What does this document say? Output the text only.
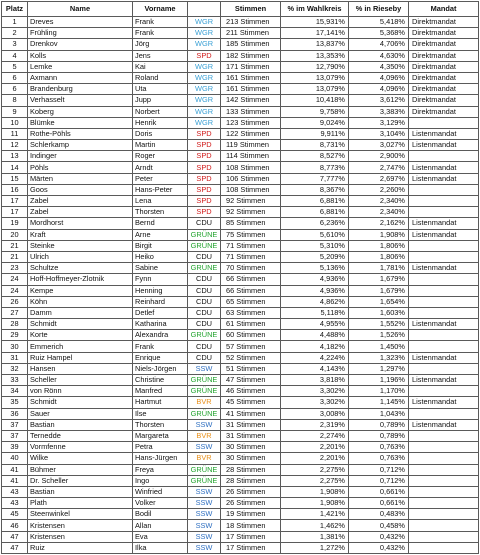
Platz	Name	Vorname		Stimmen	% im Wahlkreis	% in Rieseby	Mandat
1	Dreves	Frank	WGR	213 Stimmen	15,931%	5,418%	Direktmandat
2	Frühling	Frank	WGR	211 Stimmen	17,141%	5,368%	Direktmandat
3	Drenkov	Jörg	WGR	185 Stimmen	13,837%	4,706%	Direktmandat
4	Kolls	Jens	SPD	182 Stimmen	13,353%	4,630%	Direktmandat
5	Lemke	Kai	WGR	171 Stimmen	12,790%	4,350%	Direktmandat
6	Axmann	Roland	WGR	161 Stimmen	13,079%	4,096%	Direktmandat
6	Brandenburg	Uta	WGR	161 Stimmen	13,079%	4,096%	Direktmandat
8	Verhasselt	Jupp	WGR	142 Stimmen	10,418%	3,612%	Direktmandat
9	Koberg	Norbert	WGR	133 Stimmen	9,758%	3,383%	Direktmandat
10	Blümke	Henrik	WGR	123 Stimmen	9,024%	3,129%	
11	Rothe-Pöhls	Doris	SPD	122 Stimmen	9,911%	3,104%	Listenmandat
12	Schlerkamp	Martin	SPD	119 Stimmen	8,731%	3,027%	Listenmandat
13	Indinger	Roger	SPD	114 Stimmen	8,527%	2,900%	
14	Pöhls	Arndt	SPD	108 Stimmen	8,773%	2,747%	Listenmandat
15	Märten	Peter	SPD	106 Stimmen	7,777%	2,697%	Listenmandat
16	Goos	Hans-Peter	SPD	108 Stimmen	8,367%	2,260%	
17	Zabel	Lena	SPD	92 Stimmen	6,881%	2,340%	
17	Zabel	Thorsten	SPD	92 Stimmen	6,881%	2,340%	
19	Mordhorst	Bernd	CDU	85 Stimmen	6,236%	2,162%	Listenmandat
20	Kraft	Arne	GRÜNE	75 Stimmen	5,610%	1,908%	Listenmandat
21	Steinke	Birgit	GRÜNE	71 Stimmen	5,310%	1,806%	
21	Ulrich	Heiko	CDU	71 Stimmen	5,209%	1,806%	
23	Schultze	Sabine	GRÜNE	70 Stimmen	5,136%	1,781%	Listenmandat
24	Hoff-Hoffmeyer-Zlotnik	Fynn	CDU	66 Stimmen	4,936%	1,679%	
24	Kempe	Henning	CDU	66 Stimmen	4,936%	1,679%	
26	Köhn	Reinhard	CDU	65 Stimmen	4,862%	1,654%	
27	Damm	Detlef	CDU	63 Stimmen	5,118%	1,603%	
28	Schmidt	Katharina	CDU	61 Stimmen	4,955%	1,552%	Listenmandat
29	Korte	Alexandra	GRÜNE	60 Stimmen	4,488%	1,526%	
30	Emmerich	Frank	CDU	57 Stimmen	4,182%	1,450%	
31	Ruiz Hampel	Enrique	CDU	52 Stimmen	4,224%	1,323%	Listenmandat
32	Hansen	Niels-Jörgen	SSW	51 Stimmen	4,143%	1,297%	
33	Scheller	Christine	GRÜNE	47 Stimmen	3,818%	1,196%	Listenmandat
34	von Rönn	Manfred	GRÜNE	46 Stimmen	3,302%	1,170%	
35	Schmidt	Hartmut	BVR	45 Stimmen	3,302%	1,145%	Listenmandat
36	Sauer	Ilse	GRÜNE	41 Stimmen	3,008%	1,043%	
37	Bastian	Thorsten	SSW	31 Stimmen	2,319%	0,789%	Listenmandat
37	Ternedde	Margareta	BVR	31 Stimmen	2,274%	0,789%	
39	Vormfenne	Petra	SSW	30 Stimmen	2,201%	0,763%	
40	Wilke	Hans-Jürgen	BVR	30 Stimmen	2,201%	0,763%	
41	Bühmer	Freya	GRÜNE	28 Stimmen	2,275%	0,712%	
41	Dr. Scheller	Ingo	GRÜNE	28 Stimmen	2,275%	0,712%	
43	Bastian	Winfried	SSW	26 Stimmen	1,908%	0,661%	
43	Plath	Volker	SSW	26 Stimmen	1,908%	0,661%	
45	Steenwinkel	Bodil	SSW	19 Stimmen	1,421%	0,483%	
46	Kristensen	Allan	SSW	18 Stimmen	1,462%	0,458%	
47	Kristensen	Eva	SSW	17 Stimmen	1,381%	0,432%	
47	Ruiz	Ilka	SSW	17 Stimmen	1,272%	0,432%	
